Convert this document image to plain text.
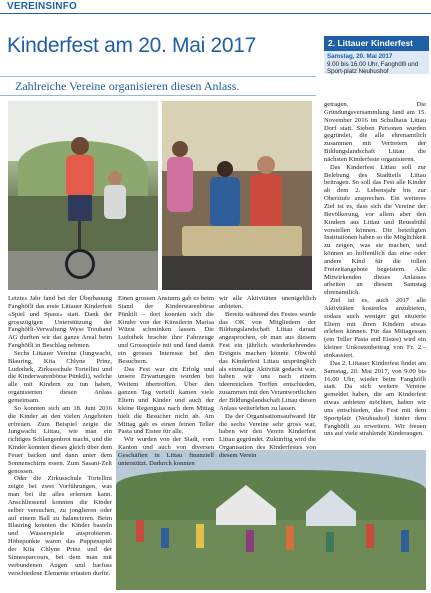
VEREINSINFO
Kinderfest am 20. Mai 2017
Zahlreiche Vereine organisieren diesen Anlass.
2. Littauer Kinderfest
Samstag, 20. Mai 2017
9.00 bis 16.00 Uhr, Fanghöfli und Sport-platz Neuhushof

Letztes Jahr fand bei der Überbauung Fanghöfli das erste Littauer Kinderfest «Spiel und Spass» statt. Dank der grosszügigen Unterstützung der Fanghöfli-Verwaltung Wyss Treuhand AG durften wir das ganze Areal beim Fanghöfli in Beschlag nehmen.

Sechs Littauer Vereine (Jungwacht, Blauring, Kita Chlyne Prinz, Ludothek, Zirkusschule Tortellini und die Kinderwarenbörse Pünktli), welche alle mit Kindern zu tun haben, organisierten diesen Anlass gemeinsam.

So konnten sich am 18. Juni 2016 die Kinder an den vielen Angeboten erfreuen. Zum Beispiel zeigte die Jungwacht Littau, wie man ein richtiges Schlangenbrot macht, und die Kinder konnten dieses gleich über dem Feuer backen und dann unter dem Sonnenschirm essen. Zum Sasani-Zelt genossen.

Oder die Zirkusschule Tortellini zeigte bei zwei Vorführungen, was man bei ihr alles erlernen kann. Anschliessend konnten die Kinder selber versuchen, zu jonglieren oder auf einem Ball zu balancieren. Beim Blauring konnten die Kinder basteln und Wasserspiele ausprobieren. Höhepunkte waren das Puppenspiel der Kita Chlyne Prinz und der Sinnesparcours, bei dem man mit verbundenen Augen und barfuss verschiedene Elemente ertasten durfte.

Einen grossen Ansturm gab es beim Stand der Kinderwarenbörse Pünktli – dort konnten sich die Kinder von der Künstlerin Marisa Wüest schminken lassen. Die Ludothek brachte ihre Fahrzeuge und Grossspiele mit und fand damit ein grosses Interesse bei den Besuchern.

Das Fest war ein Erfolg und unsere Erwartungen wurden bei Weitem übertroffen. Über den ganzen Tag verteilt kamen viele Eltern und Kinder und auch der kleine Regenguss nach dem Mittag hielt die Besucher nicht ab. Am Mittag gab es einen feinen Teller Pasta und Eistee für alle.

Wir wurden von der Stadt, vom Kanton und auch von diversen Geschäften in Littau finanziell unterstützt. Dadurch konnten

wir alle Aktivitäten unentgeltlich anbieten.

Bereits während des Festes wurde das OK von Mitgliedern der Bildungslandschaft Littau darauf angesprochen, ob man aus diesem Fest ein jährlich wiederkehrendes Ereignis machen könnte. Obwohl das Kinderfest Littau ursprünglich als einmalige Aktivität gedacht war, haben wir uns nach einem ideenreichen Treffen entschieden, zusammen mit den Verantwortlichen der Bildungslandschaft Littau diesen Anlass weiterleben zu lassen.

Da der Organisationsaufwand für die sechs Vereine sehr gross war, haben wir den Verein Kinderfest Littau gegründet. Zukünftig wird die Organisation des Kinderfestes von diesem Verein

getragen. Die Gründungsversammlung fand am 15. November 2016 im Schulhaus Littau Dorf statt. Sieben Personen wurden gegründet, die alle ehrenamtlich zusammen mit Vertretern der Bildungslandschaft Littau die nächsten Kinderfeste organisieren.

Das Kinderfest Littau soll zur Belebung des Stadtteils Littau beitragen. So soll das Fest alle Kinder ab dem 2. Lebensjahr bis zur Oberstufe ansprechen. Ein weiteres Ziel ist es, dass sich die Vereine der Bevölkerung, vor allem aber den Kindern aus Littau und Reussbühl vorstellen können. Die beteiligten Institutionen haben so die Möglichkeit zu zeigen, was sie machen, und können so hoffentlich das eine oder andere Kind für die tollen Freizeitangebote begeistern. Alle Mitwirkenden dieses Anlasses arbeiten an diesem Samstag ehrenamtlich.

Ziel ist es, auch 2017 alle Aktivitäten kostenlos anzubieten, sodass auch weniger gut situierte Eltern mit ihren Kindern etwas erleben können. Für das Mittagessen (ein Teller Pasta und Eistee) wird ein kleiner Unkostenbeitrag von Fr. 2.– einkassiert.

Das 2. Littauer Kinderfest findet am Samstag, 20. Mai 2017, von 9.00 bis 16.00 Uhr, wieder beim Fanghöfli statt. Da sich weitere Vereine gemeldet haben, die am Kinderfest etwas anbieten möchten, haben wir uns entschieden, das Fest mit dem Sportplatz (Neuhushof) hinter dem Fanghöfli zu erweitern. Wir freuen uns auf viele strahlende Kinderaugen.
